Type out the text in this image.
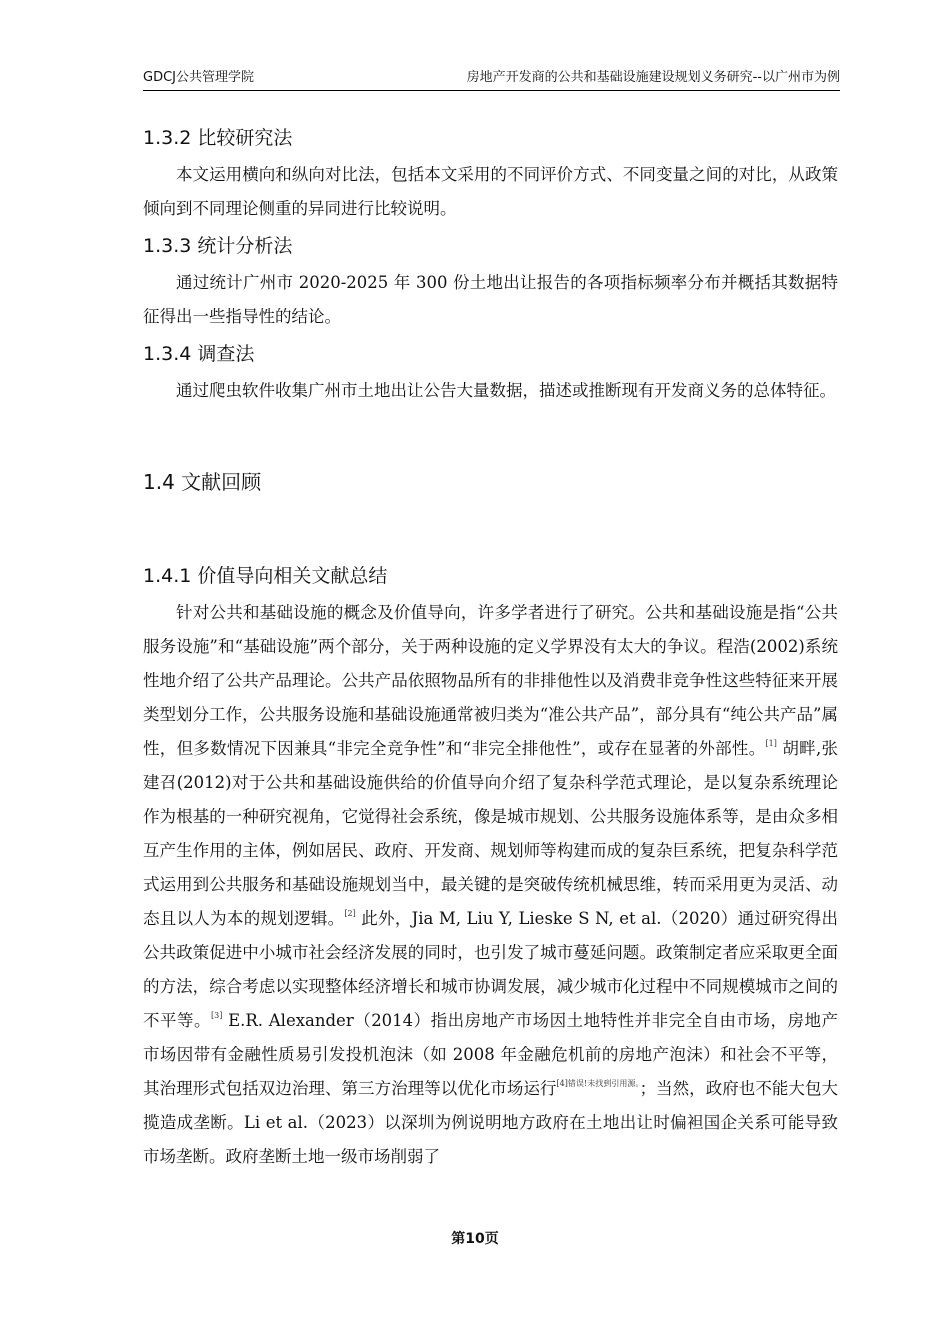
GDCJ公共管理学院	房地产开发商的公共和基础设施建设规划义务研究--以广州市为例
1.3.2 比较研究法

本文运用横向和纵向对比法，包括本文采用的不同评价方式、不同变量之间的对比，从政策倾向到不同理论侧重的异同进行比较说明。

1.3.3 统计分析法

通过统计广州市 2020-2025 年 300 份土地出让报告的各项指标频率分布并概括其数据特征得出一些指导性的结论。

1.3.4 调查法

通过爬虫软件收集广州市土地出让公告大量数据，描述或推断现有开发商义务的总体特征。

1.4 文献回顾
1.4.1 价值导向相关文献总结

针对公共和基础设施的概念及价值导向，许多学者进行了研究。公共和基础设施是指“公共服务设施”和“基础设施”两个部分，关于两种设施的定义学界没有太大的争议。程浩(2002)系统性地介绍了公共产品理论。公共产品依照物品所有的非排他性以及消费非竞争性这些特征来开展类型划分工作，公共服务设施和基础设施通常被归类为“准公共产品”，部分具有“纯公共产品”属性，但多数情况下因兼具“非完全竞争性”和“非完全排他性”，或存在显著的外部性。[1] 胡畔,张建召(2012)对于公共和基础设施供给的价值导向介绍了复杂科学范式理论，是以复杂系统理论作为根基的一种研究视角，它觉得社会系统，像是城市规划、公共服务设施体系等，是由众多相互产生作用的主体，例如居民、政府、开发商、规划师等构建而成的复杂巨系统，把复杂科学范式运用到公共服务和基础设施规划当中，最关键的是突破传统机械思维，转而采用更为灵活、动态且以人为本的规划逻辑。[2] 此外，Jia M, Liu Y, Lieske S N, et al.（2020）通过研究得出公共政策促进中小城市社会经济发展的同时，也引发了城市蔓延问题。政策制定者应采取更全面的方法，综合考虑以实现整体经济增长和城市协调发展，减少城市化过程中不同规模城市之间的不平等。[3] E.R. Alexander（2014）指出房地产市场因土地特性并非完全自由市场，房地产市场因带有金融性质易引发投机泡沫（如 2008 年金融危机前的房地产泡沫）和社会不平等，其治理形式包括双边治理、第三方治理等以优化市场运行$^{[4]错误!未找到引用源。}$；当然，政府也不能大包大揽造成垄断。Li et al.（2023）以深圳为例说明地方政府在土地出让时偏袒国企关系可能导致市场垄断。政府垄断土地一级市场削弱了

第10页
